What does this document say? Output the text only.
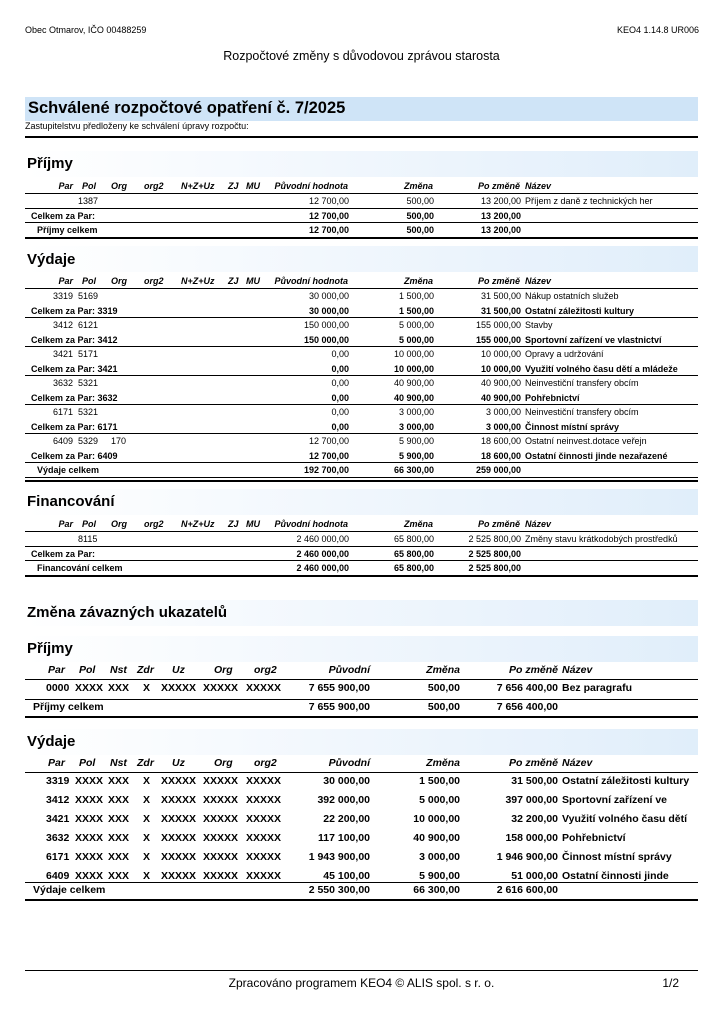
Obec Otmarov, IČO 00488259	KEO4 1.14.8 UR006
Rozpočtové změny s důvodovou zprávou starosta
Schválené rozpočtové opatření č. 7/2025
Zastupitelstvu předloženy ke schválení úpravy rozpočtu:
Příjmy
Par Pol Org org2 N+Z+Uz ZJ MU Původní hodnota	Změna	Po změně Název
1387	12 700,00	500,00	13 200,00 Příjem z daně z technických her
Celkem za Par:	12 700,00	500,00	13 200,00
Příjmy celkem	12 700,00	500,00	13 200,00
Výdaje
Par Pol Org org2 N+Z+Uz ZJ MU Původní hodnota	Změna	Po změně Název
3319 5169	30 000,00	1 500,00	31 500,00 Nákup ostatních služeb
Celkem za Par: 3319	30 000,00	1 500,00	31 500,00 Ostatní záležitosti kultury
3412 6121	150 000,00	5 000,00	155 000,00 Stavby
Celkem za Par: 3412	150 000,00	5 000,00	155 000,00 Sportovní zařízení ve vlastnictví
3421 5171	0,00	10 000,00	10 000,00 Opravy a udržování
Celkem za Par: 3421	0,00	10 000,00	10 000,00 Využití volného času dětí a mládeže
3632 5321	0,00	40 900,00	40 900,00 Neinvestiční transfery obcím
Celkem za Par: 3632	0,00	40 900,00	40 900,00 Pohřebnictví
6171 5321	0,00	3 000,00	3 000,00 Neinvestiční transfery obcím
Celkem za Par: 6171	0,00	3 000,00	3 000,00 Činnost místní správy
6409 5329 170	12 700,00	5 900,00	18 600,00 Ostatní neinvest.dotace veřejn
Celkem za Par: 6409	12 700,00	5 900,00	18 600,00 Ostatní činnosti jinde nezařazené
Výdaje celkem	192 700,00	66 300,00	259 000,00
Financování
Par Pol Org org2 N+Z+Uz ZJ MU Původní hodnota	Změna	Po změně Název
8115	2 460 000,00	65 800,00	2 525 800,00 Změny stavu krátkodobých prostředků
Celkem za Par:	2 460 000,00	65 800,00	2 525 800,00
Financování celkem	2 460 000,00	65 800,00	2 525 800,00
Změna závazných ukazatelů
Příjmy
Par Pol Nst Zdr Uz	Org org2	Původní	Změna	Po změně Název
0000 XXXX XXX X XXXXX XXXXX XXXXX	7 655 900,00	500,00	7 656 400,00 Bez paragrafu
Příjmy celkem	7 655 900,00	500,00	7 656 400,00
Výdaje
Par Pol Nst Zdr Uz	Org org2	Původní	Změna	Po změně Název
3319 XXXX XXX X XXXXX XXXXX XXXXX	30 000,00	1 500,00	31 500,00 Ostatní záležitosti kultury
3412 XXXX XXX X XXXXX XXXXX XXXXX	392 000,00	5 000,00	397 000,00 Sportovní zařízení ve
3421 XXXX XXX X XXXXX XXXXX XXXXX	22 200,00	10 000,00	32 200,00 Využití volného času dětí
3632 XXXX XXX X XXXXX XXXXX XXXXX	117 100,00	40 900,00	158 000,00 Pohřebnictví
6171 XXXX XXX X XXXXX XXXXX XXXXX	1 943 900,00	3 000,00	1 946 900,00 Činnost místní správy
6409 XXXX XXX X XXXXX XXXXX XXXXX	45 100,00	5 900,00	51 000,00 Ostatní činnosti jinde
Výdaje celkem	2 550 300,00	66 300,00	2 616 600,00
Zpracováno programem KEO4 © ALIS spol. s r. o.	1/2
